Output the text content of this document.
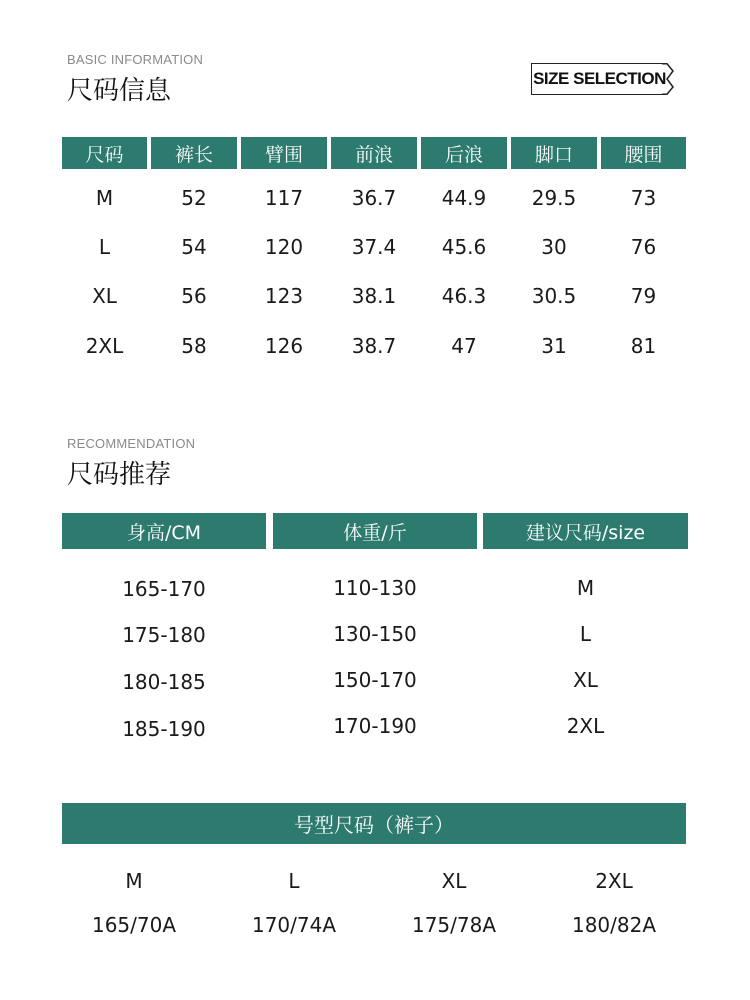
BASIC INFORMATION
尺码信息	SIZE SELECTION
尺码	裤长	臂围	前浪	后浪	脚口	腰围
M	52	117	36.7	44.9	29.5	73
L	54	120	37.4	45.6	30	76
XL	56	123	38.1	46.3	30.5	79
2XL	58	126	38.7	47	31	81
RECOMMENDATION
尺码推荐
身高/CM	体重/斤	建议尺码/size
165-170	110-130	M
175-180	130-150	L
180-185	150-170	XL
185-190	170-190	2XL
号型尺码（裤子）
M	L	XL	2XL
165/70A	170/74A	175/78A	180/82A
